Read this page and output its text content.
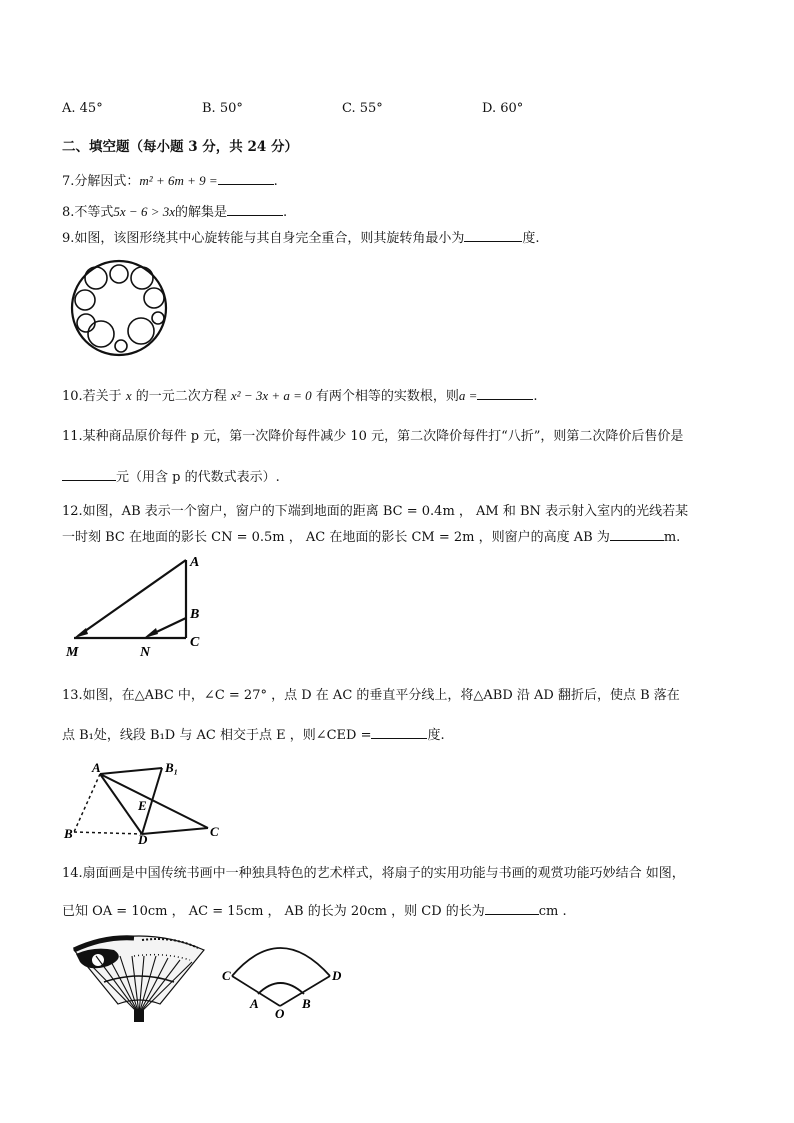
A. 45°	B. 50°	C. 55°	D. 60°
二、填空题（每小题 3 分，共 24 分）
7.分解因式：m² + 6m + 9 =	.
8.不等式5x − 6 > 3x的解集是	.
9.如图，该图形绕其中心旋转能与其自身完全重合，则其旋转角最小为	度.
10.若关于 x 的一元二次方程 x² − 3x + a = 0 有两个相等的实数根，则a =	.
11.某种商品原价每件 p 元，第一次降价每件减少 10 元，第二次降价每件打“八折”，则第二次降价后售价是
元（用含 p 的代数式表示）.
12.如图，AB 表示一个窗户，窗户的下端到地面的距离 BC = 0.4m ， AM 和 BN 表示射入室内的光线若某
一时刻 BC 在地面的影长 CN = 0.5m ， AC 在地面的影长 CM = 2m ，则窗户的高度 AB 为	m.
A
B
C
M	N
13.如图，在△ABC 中，∠C = 27° ，点 D 在 AC 的垂直平分线上，将△ABD 沿 AD 翻折后，使点 B 落在
点 B₁处，线段 B₁D 与 AC 相交于点 E ，则∠CED =	度.
A	B₁
B
E
D
C
14.扇面画是中国传统书画中一种独具特色的艺术样式，将扇子的实用功能与书画的观赏功能巧妙结合 如图，
已知 OA = 10cm ， AC = 15cm ， AB 的长为 20cm ，则 CD 的长为	cm .
C	D
A	B
O
